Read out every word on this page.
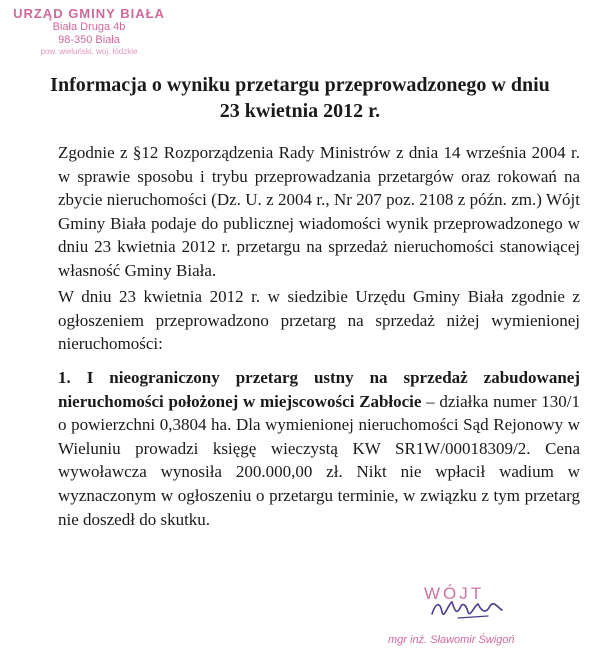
URZĄD GMINY BIAŁA
Biała Druga 4b
98-350 Biała
pow. wieluński, woj. łódzkie
Informacja o wyniku przetargu przeprowadzonego w dniu
23 kwietnia 2012 r.

Zgodnie z §12 Rozporządzenia Rady Ministrów z dnia 14 września 2004 r. w sprawie sposobu i trybu przeprowadzania przetargów oraz rokowań na zbycie nieruchomości (Dz. U. z 2004 r., Nr 207 poz. 2108 z późn. zm.) Wójt Gminy Biała podaje do publicznej wiadomości wynik przeprowadzonego w dniu 23 kwietnia 2012 r. przetargu na sprzedaż nieruchomości stanowiącej własność Gminy Biała.

W dniu 23 kwietnia 2012 r. w siedzibie Urzędu Gminy Biała zgodnie z ogłoszeniem przeprowadzono przetarg na sprzedaż niżej wymienionej nieruchomości:

1. I nieograniczony przetarg ustny na sprzedaż zabudowanej nieruchomości położonej w miejscowości Zabłocie – działka numer 130/1 o powierzchni 0,3804 ha. Dla wymienionej nieruchomości Sąd Rejonowy w Wieluniu prowadzi księgę wieczystą KW SR1W/00018309/2. Cena wywoławcza wynosiła 200.000,00 zł. Nikt nie wpłacił wadium w wyznaczonym w ogłoszeniu o przetargu terminie, w związku z tym przetarg nie doszedł do skutku.

WÓJT
mgr inż. Sławomir Świgoń
